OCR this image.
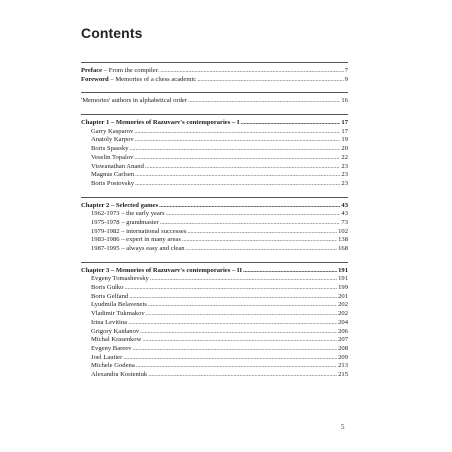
Contents
Preface – From the compiler. . . .	7
Foreword – Memories of a chess academic . . .	9
'Memories' authors in alphabetical order . . .	16
Chapter 1 – Memories of Razuvaev's contemporaries – I . . .	17
Garry Kasparov . . .	17
Anatoly Karpov . . .	19
Boris Spassky . . .	20
Veselin Topalov . . .	22
Viswanathan Anand . . .	23
Magnus Carlsen . . .	23
Boris Postovsky . . .	23
Chapter 2 – Selected games . . .	43
1962-1973 – the early years . . .	43
1975-1978 – grandmaster . . .	73
1979-1982 – international successes . . .	102
1983-1986 – expert in many areas . . .	138
1987-1995 – always easy and clean . . .	168
Chapter 3 – Memories of Razuvaev's contemporaries – II . . .	191
Evgeny Tomashevsky . . .	191
Boris Gulko . . .	199
Boris Gelfand . . .	201
Lyudmila Belavenets . . .	202
Vladimir Tukmakov . . .	202
Irina Levitina . . .	204
Grigory Kaidanov . . .	206
Michal Krasenkow . . .	207
Evgeny Bareev . . .	208
Joel Lautier . . .	209
Michele Godena . . .	213
Alexandra Kosteniuk . . .	215
5
